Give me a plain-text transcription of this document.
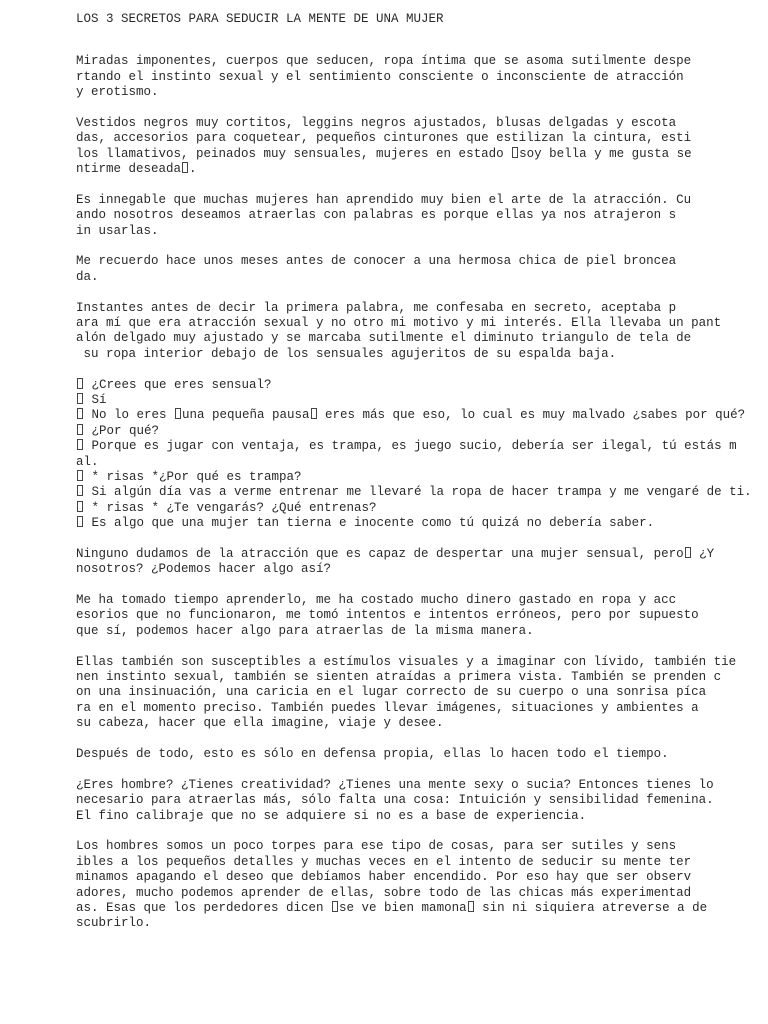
LOS 3 SECRETOS PARA SEDUCIR LA MENTE DE UNA MUJER
Miradas imponentes, cuerpos que seducen, ropa íntima que se asoma sutilmente despe
rtando el instinto sexual y el sentimiento consciente o inconsciente de atracción
y erotismo.
Vestidos negros muy cortitos, leggins negros ajustados, blusas delgadas y escota
das, accesorios para coquetear, pequeños cinturones que estilizan la cintura, esti
los llamativos, peinados muy sensuales, mujeres en estado soy bella y me gusta se
ntirme deseada .
Es innegable que muchas mujeres han aprendido muy bien el arte de la atracción. Cu
ando nosotros deseamos atraerlas con palabras es porque ellas ya nos atrajeron s
in usarlas.
Me recuerdo hace unos meses antes de conocer a una hermosa chica de piel broncea
da.
Instantes antes de decir la primera palabra, me confesaba en secreto, aceptaba p
ara mí que era atracción sexual y no otro mi motivo y mi interés. Ella llevaba un pant
alón delgado muy ajustado y se marcaba sutilmente el diminuto triangulo de tela de
su ropa interior debajo de los sensuales agujeritos de su espalda baja.
¿Crees que eres sensual?
Sí
No lo eres una pequeña pausa eres más que eso, lo cual es muy malvado ¿sabes por qué?
¿Por qué?
Porque es jugar con ventaja, es trampa, es juego sucio, debería ser ilegal, tú estás m
al.
* risas *¿Por qué es trampa?
Si algún día vas a verme entrenar me llevaré la ropa de hacer trampa y me vengaré de ti.
* risas * ¿Te vengarás? ¿Qué entrenas?
Es algo que una mujer tan tierna e inocente como tú quizá no debería saber.
Ninguno dudamos de la atracción que es capaz de despertar una mujer sensual, pero ¿Y
nosotros? ¿Podemos hacer algo así?
Me ha tomado tiempo aprenderlo, me ha costado mucho dinero gastado en ropa y acc
esorios que no funcionaron, me tomó intentos e intentos erróneos, pero por supuesto
que sí, podemos hacer algo para atraerlas de la misma manera.
Ellas también son susceptibles a estímulos visuales y a imaginar con lívido, también tie
nen instinto sexual, también se sienten atraídas a primera vista. También se prenden c
on una insinuación, una caricia en el lugar correcto de su cuerpo o una sonrisa píca
ra en el momento preciso. También puedes llevar imágenes, situaciones y ambientes a
su cabeza, hacer que ella imagine, viaje y desee.
Después de todo, esto es sólo en defensa propia, ellas lo hacen todo el tiempo.
¿Eres hombre? ¿Tienes creatividad? ¿Tienes una mente sexy o sucia? Entonces tienes lo
necesario para atraerlas más, sólo falta una cosa: Intuición y sensibilidad femenina.
El fino calibraje que no se adquiere si no es a base de experiencia.
Los hombres somos un poco torpes para ese tipo de cosas, para ser sutiles y sens
ibles a los pequeños detalles y muchas veces en el intento de seducir su mente ter
minamos apagando el deseo que debíamos haber encendido. Por eso hay que ser observ
adores, mucho podemos aprender de ellas, sobre todo de las chicas más experimentad
as. Esas que los perdedores dicen se ve bien mamona sin ni siquiera atreverse a de
scubrirlo.
